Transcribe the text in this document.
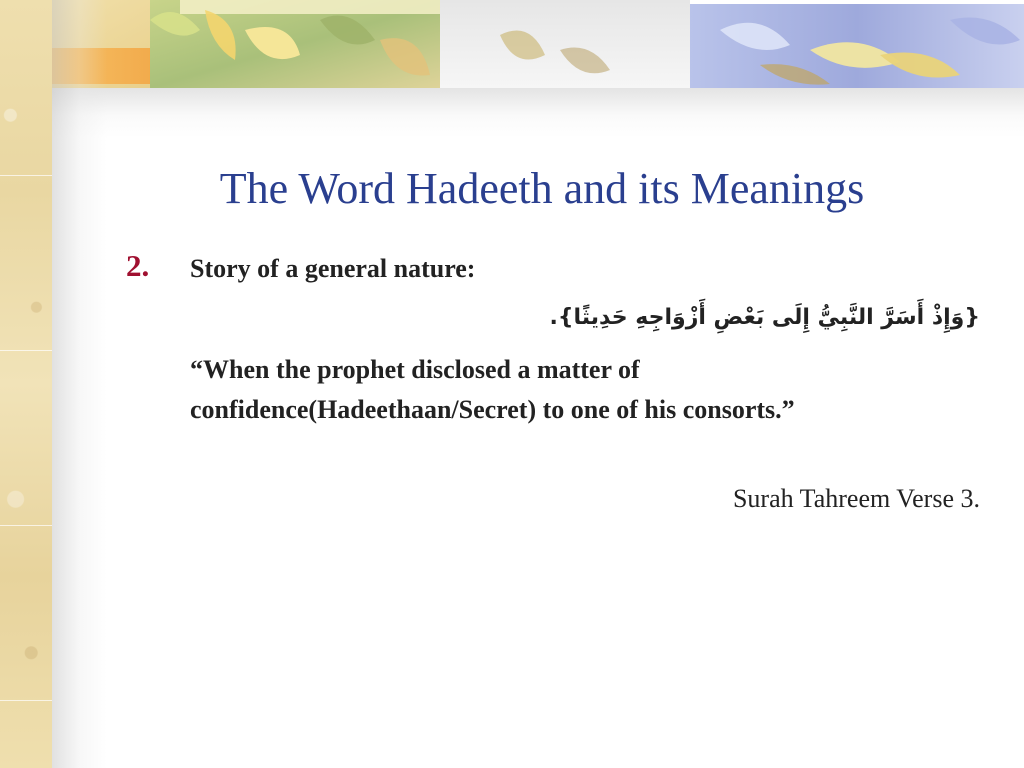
The Word Hadeeth and its Meanings
2. Story of a general nature:
{وَإِذْ أَسَرَّ النَّبِيُّ إِلَى بَعْضِ أَزْوَاجِهِ حَدِيثًا}.
“When the prophet disclosed a matter of confidence(Hadeethaan/Secret) to one of his consorts.”
Surah Tahreem Verse 3.
